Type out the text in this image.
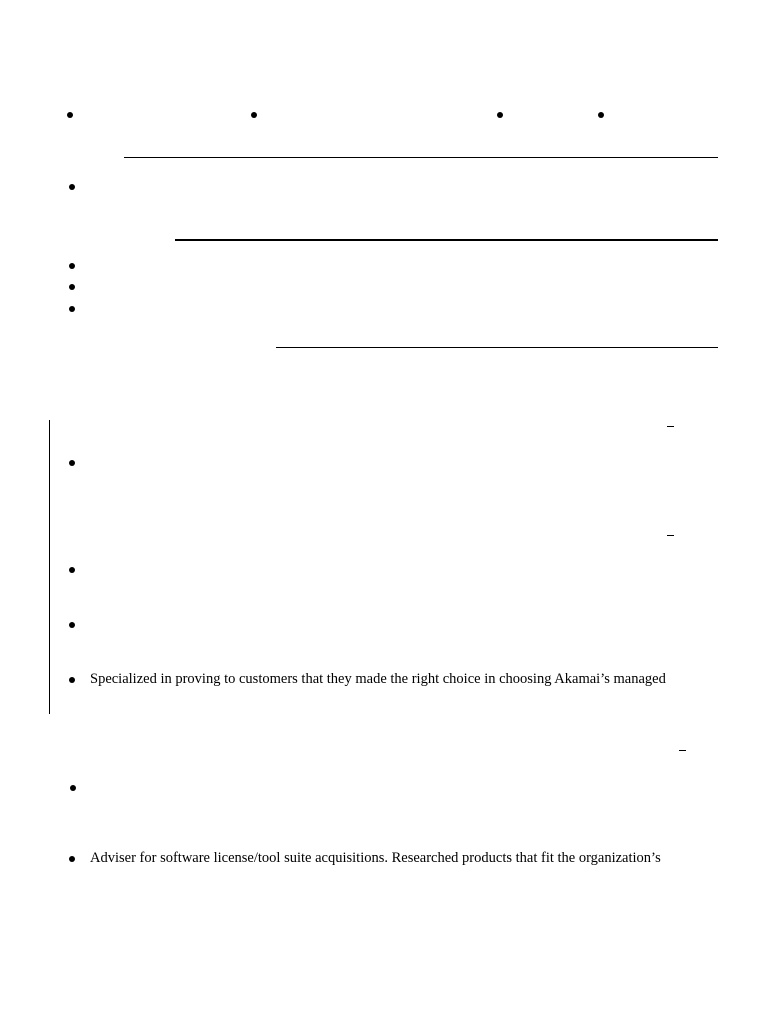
Specialized in proving to customers that they made the right choice in choosing Akamai’s managed
Adviser for software license/tool suite acquisitions. Researched products that fit the organization’s
